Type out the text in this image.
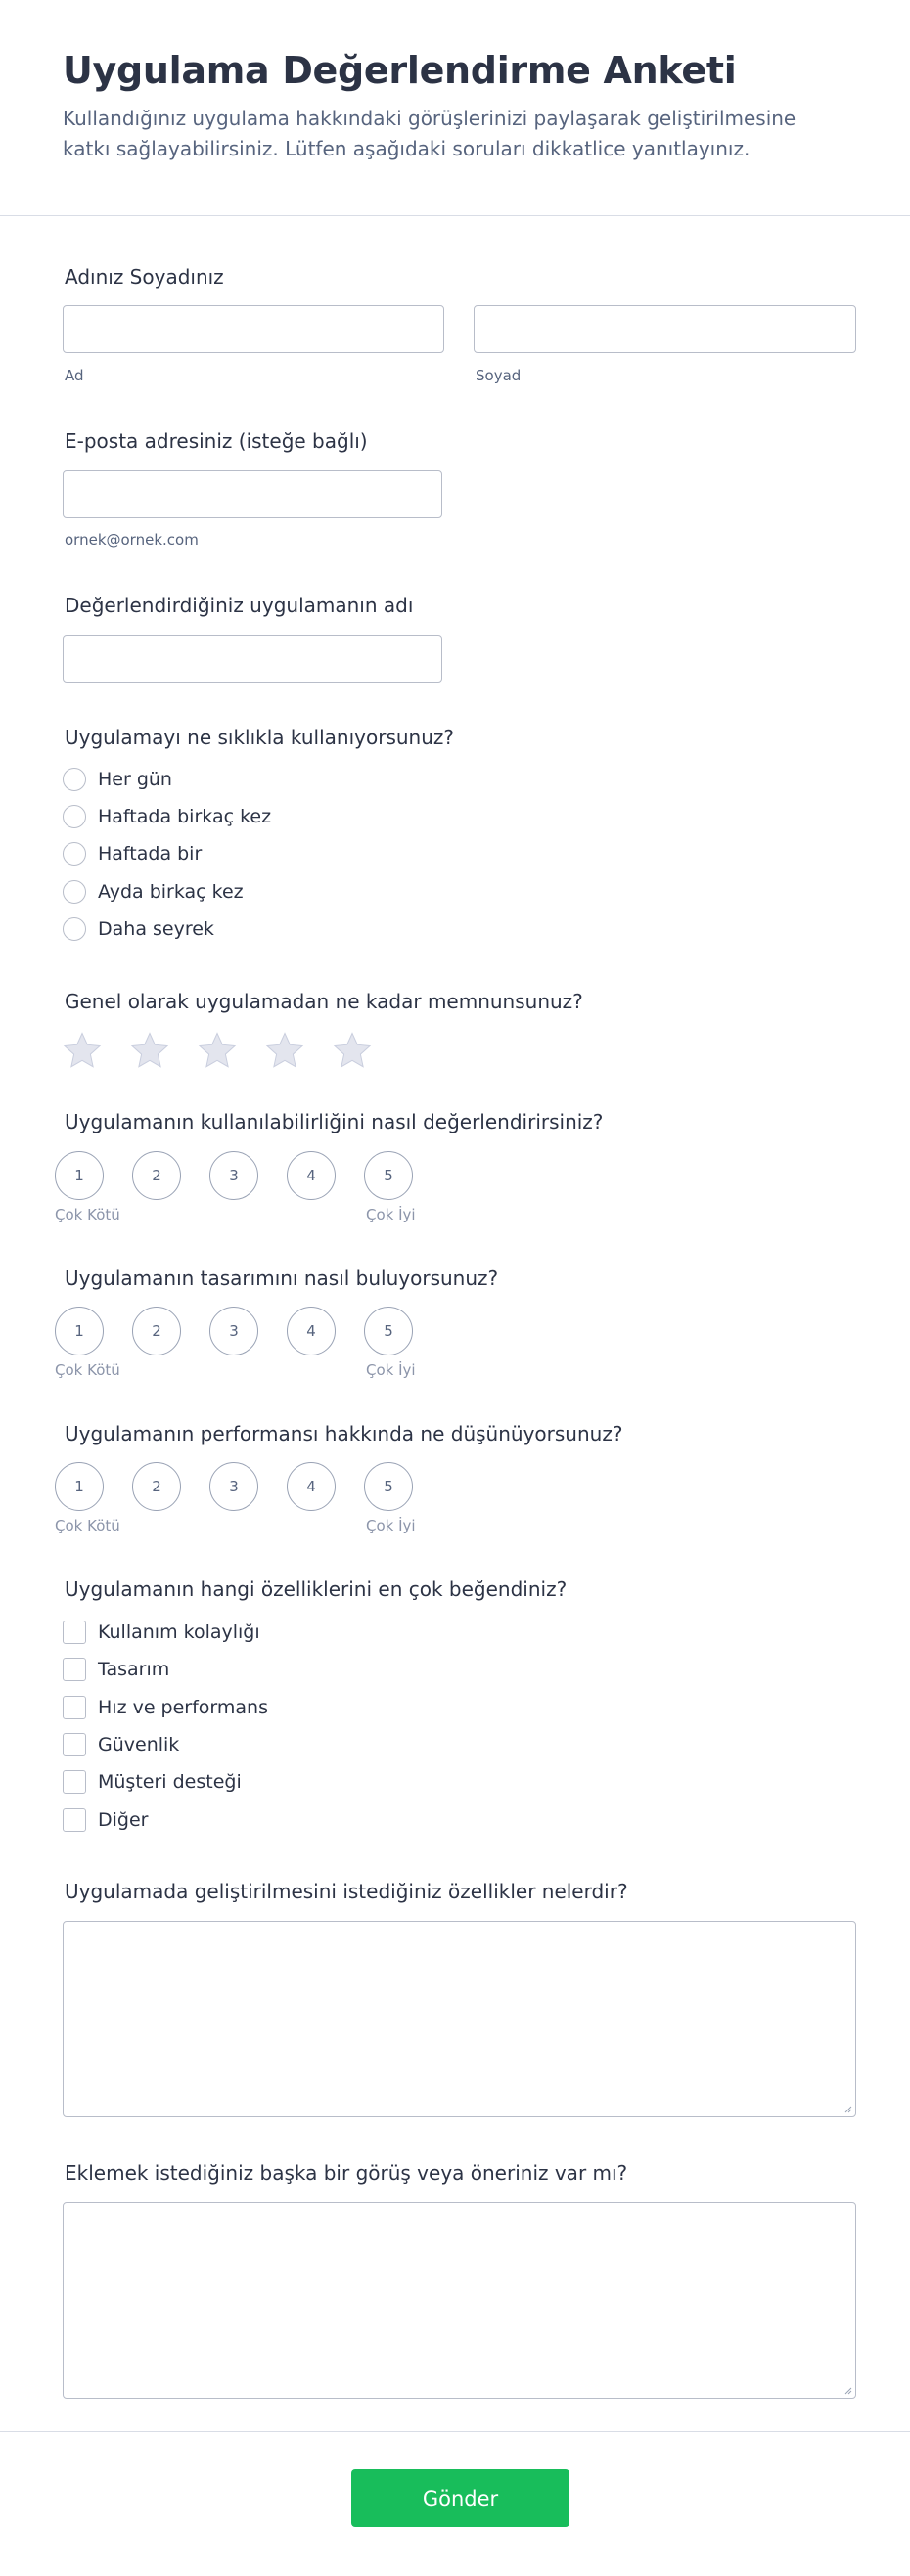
Uygulama Değerlendirme Anketi

Kullandığınız uygulama hakkındaki görüşlerinizi paylaşarak geliştirilmesine katkı sağlayabilirsiniz. Lütfen aşağıdaki soruları dikkatlice yanıtlayınız.

Adınız Soyadınız
Ad	Soyad
E-posta adresiniz (isteğe bağlı)
ornek@ornek.com
Değerlendirdiğiniz uygulamanın adı
Uygulamayı ne sıklıkla kullanıyorsunuz?
Her gün
Haftada birkaç kez
Haftada bir
Ayda birkaç kez
Daha seyrek
Genel olarak uygulamadan ne kadar memnunsunuz?
Uygulamanın kullanılabilirliğini nasıl değerlendirirsiniz?
1	2	3	4	5
Çok Kötü	Çok İyi
Uygulamanın tasarımını nasıl buluyorsunuz?
1	2	3	4	5
Çok Kötü	Çok İyi
Uygulamanın performansı hakkında ne düşünüyorsunuz?
1	2	3	4	5
Çok Kötü	Çok İyi
Uygulamanın hangi özelliklerini en çok beğendiniz?
Kullanım kolaylığı
Tasarım
Hız ve performans
Güvenlik
Müşteri desteği
Diğer
Uygulamada geliştirilmesini istediğiniz özellikler nelerdir?
Eklemek istediğiniz başka bir görüş veya öneriniz var mı?
Gönder
